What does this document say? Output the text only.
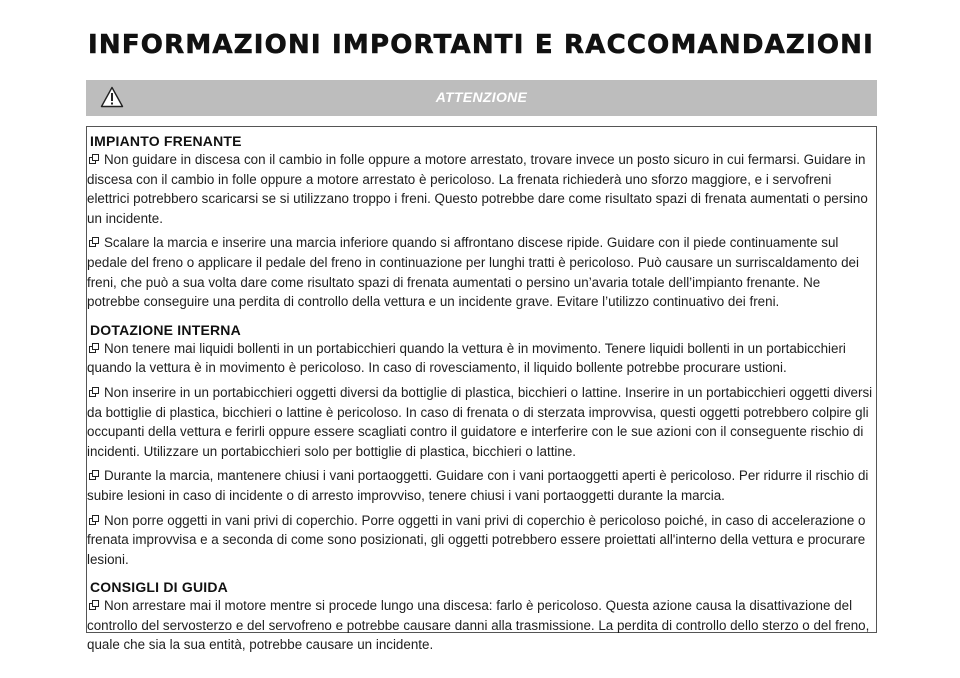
INFORMAZIONI IMPORTANTI E RACCOMANDAZIONI
ATTENZIONE
IMPIANTO FRENANTE

Non guidare in discesa con il cambio in folle oppure a motore arrestato, trovare invece un posto sicuro in cui fermarsi. Guidare in discesa con il cambio in folle oppure a motore arrestato è pericoloso. La frenata richiederà uno sforzo maggiore, e i servofreni elettrici potrebbero scaricarsi se si utilizzano troppo i freni. Questo potrebbe dare come risultato spazi di frenata aumentati o persino un incidente.

Scalare la marcia e inserire una marcia inferiore quando si affrontano discese ripide. Guidare con il piede continuamente sul pedale del freno o applicare il pedale del freno in continuazione per lunghi tratti è pericoloso. Può causare un surriscaldamento dei freni, che può a sua volta dare come risultato spazi di frenata aumentati o persino un’avaria totale dell’impianto frenante. Ne potrebbe conseguire una perdita di controllo della vettura e un incidente grave. Evitare l’utilizzo continuativo dei freni.

DOTAZIONE INTERNA

Non tenere mai liquidi bollenti in un portabicchieri quando la vettura è in movimento. Tenere liquidi bollenti in un portabicchieri quando la vettura è in movimento è pericoloso. In caso di rovesciamento, il liquido bollente potrebbe procurare ustioni.

Non inserire in un portabicchieri oggetti diversi da bottiglie di plastica, bicchieri o lattine. Inserire in un portabicchieri oggetti diversi da bottiglie di plastica, bicchieri o lattine è pericoloso. In caso di frenata o di sterzata improvvisa, questi oggetti potrebbero colpire gli occupanti della vettura e ferirli oppure essere scagliati contro il guidatore e interferire con le sue azioni con il conseguente rischio di incidenti. Utilizzare un portabicchieri solo per bottiglie di plastica, bicchieri o lattine.

Durante la marcia, mantenere chiusi i vani portaoggetti. Guidare con i vani portaoggetti aperti è pericoloso. Per ridurre il rischio di subire lesioni in caso di incidente o di arresto improvviso, tenere chiusi i vani portaoggetti durante la marcia.

Non porre oggetti in vani privi di coperchio. Porre oggetti in vani privi di coperchio è pericoloso poiché, in caso di accelerazione o frenata improvvisa e a seconda di come sono posizionati, gli oggetti potrebbero essere proiettati all'interno della vettura e procurare lesioni.

CONSIGLI DI GUIDA

Non arrestare mai il motore mentre si procede lungo una discesa: farlo è pericoloso. Questa azione causa la disattivazione del controllo del servosterzo e del servofreno e potrebbe causare danni alla trasmissione. La perdita di controllo dello sterzo o del freno, quale che sia la sua entità, potrebbe causare un incidente.
